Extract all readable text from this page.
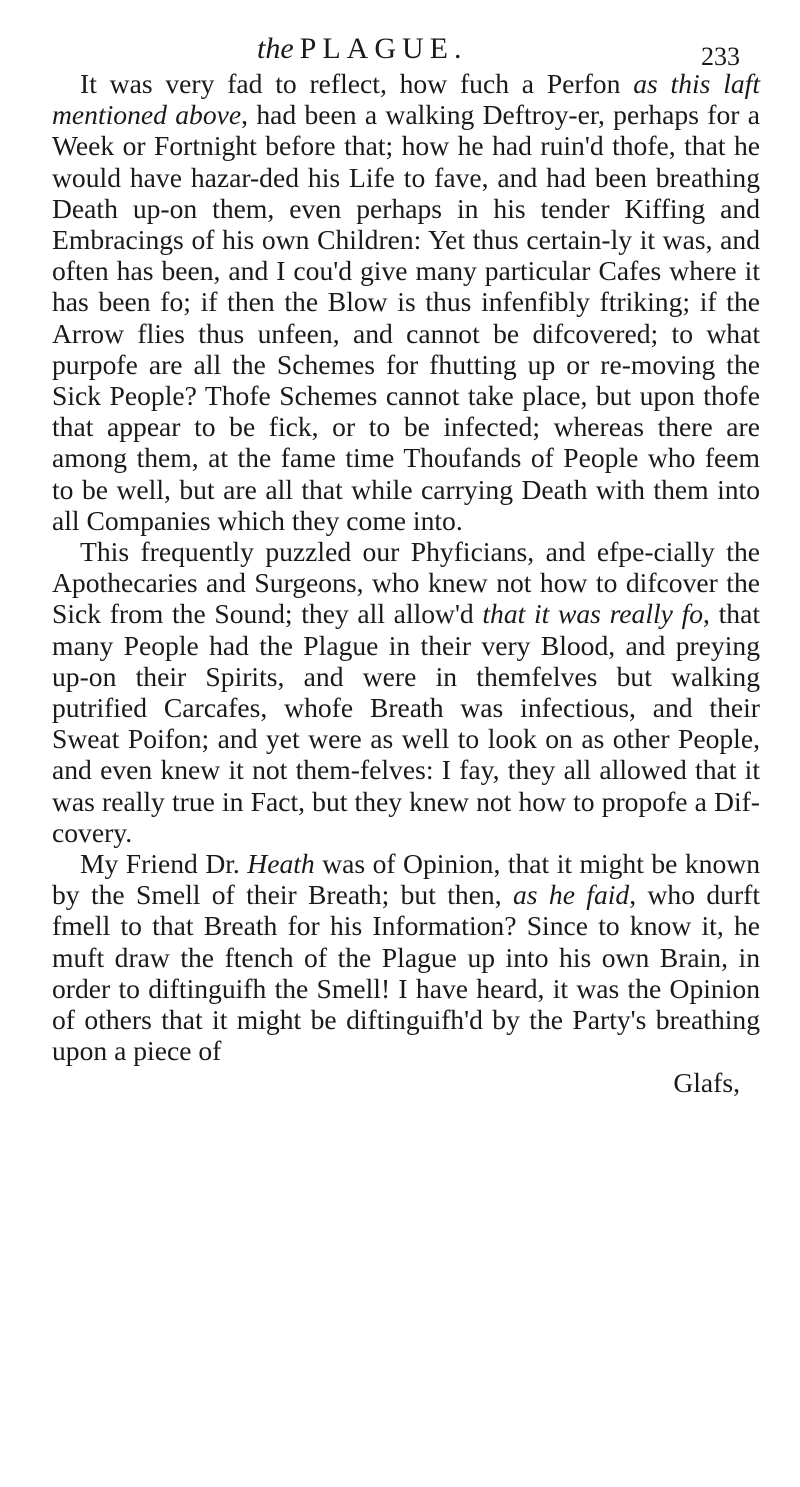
the PLAGUE.	233

It was very fad to reflect, how fuch a Perfon as this laft mentioned above, had been a walking Deftroy-er, perhaps for a Week or Fortnight before that; how he had ruin'd thofe, that he would have hazar-ded his Life to fave, and had been breathing Death up-on them, even perhaps in his tender Kiffing and Embracings of his own Children: Yet thus certain-ly it was, and often has been, and I cou'd give many particular Cafes where it has been fo; if then the Blow is thus infenfibly ftriking; if the Arrow flies thus unfeen, and cannot be difcovered; to what purpofe are all the Schemes for fhutting up or re-moving the Sick People? Thofe Schemes cannot take place, but upon thofe that appear to be fick, or to be infected; whereas there are among them, at the fame time Thoufands of People who feem to be well, but are all that while carrying Death with them into all Companies which they come into.

This frequently puzzled our Phyficians, and efpe-cially the Apothecaries and Surgeons, who knew not how to difcover the Sick from the Sound; they all allow'd that it was really fo, that many People had the Plague in their very Blood, and preying up-on their Spirits, and were in themfelves but walking putrified Carcafes, whofe Breath was infectious, and their Sweat Poifon; and yet were as well to look on as other People, and even knew it not them-felves: I fay, they all allowed that it was really true in Fact, but they knew not how to propofe a Dif-covery.

My Friend Dr. Heath was of Opinion, that it might be known by the Smell of their Breath; but then, as he faid, who durft fmell to that Breath for his Information? Since to know it, he muft draw the ftench of the Plague up into his own Brain, in order to diftinguifh the Smell! I have heard, it was the Opinion of others that it might be diftinguifh'd by the Party's breathing upon a piece of

Glafs,
